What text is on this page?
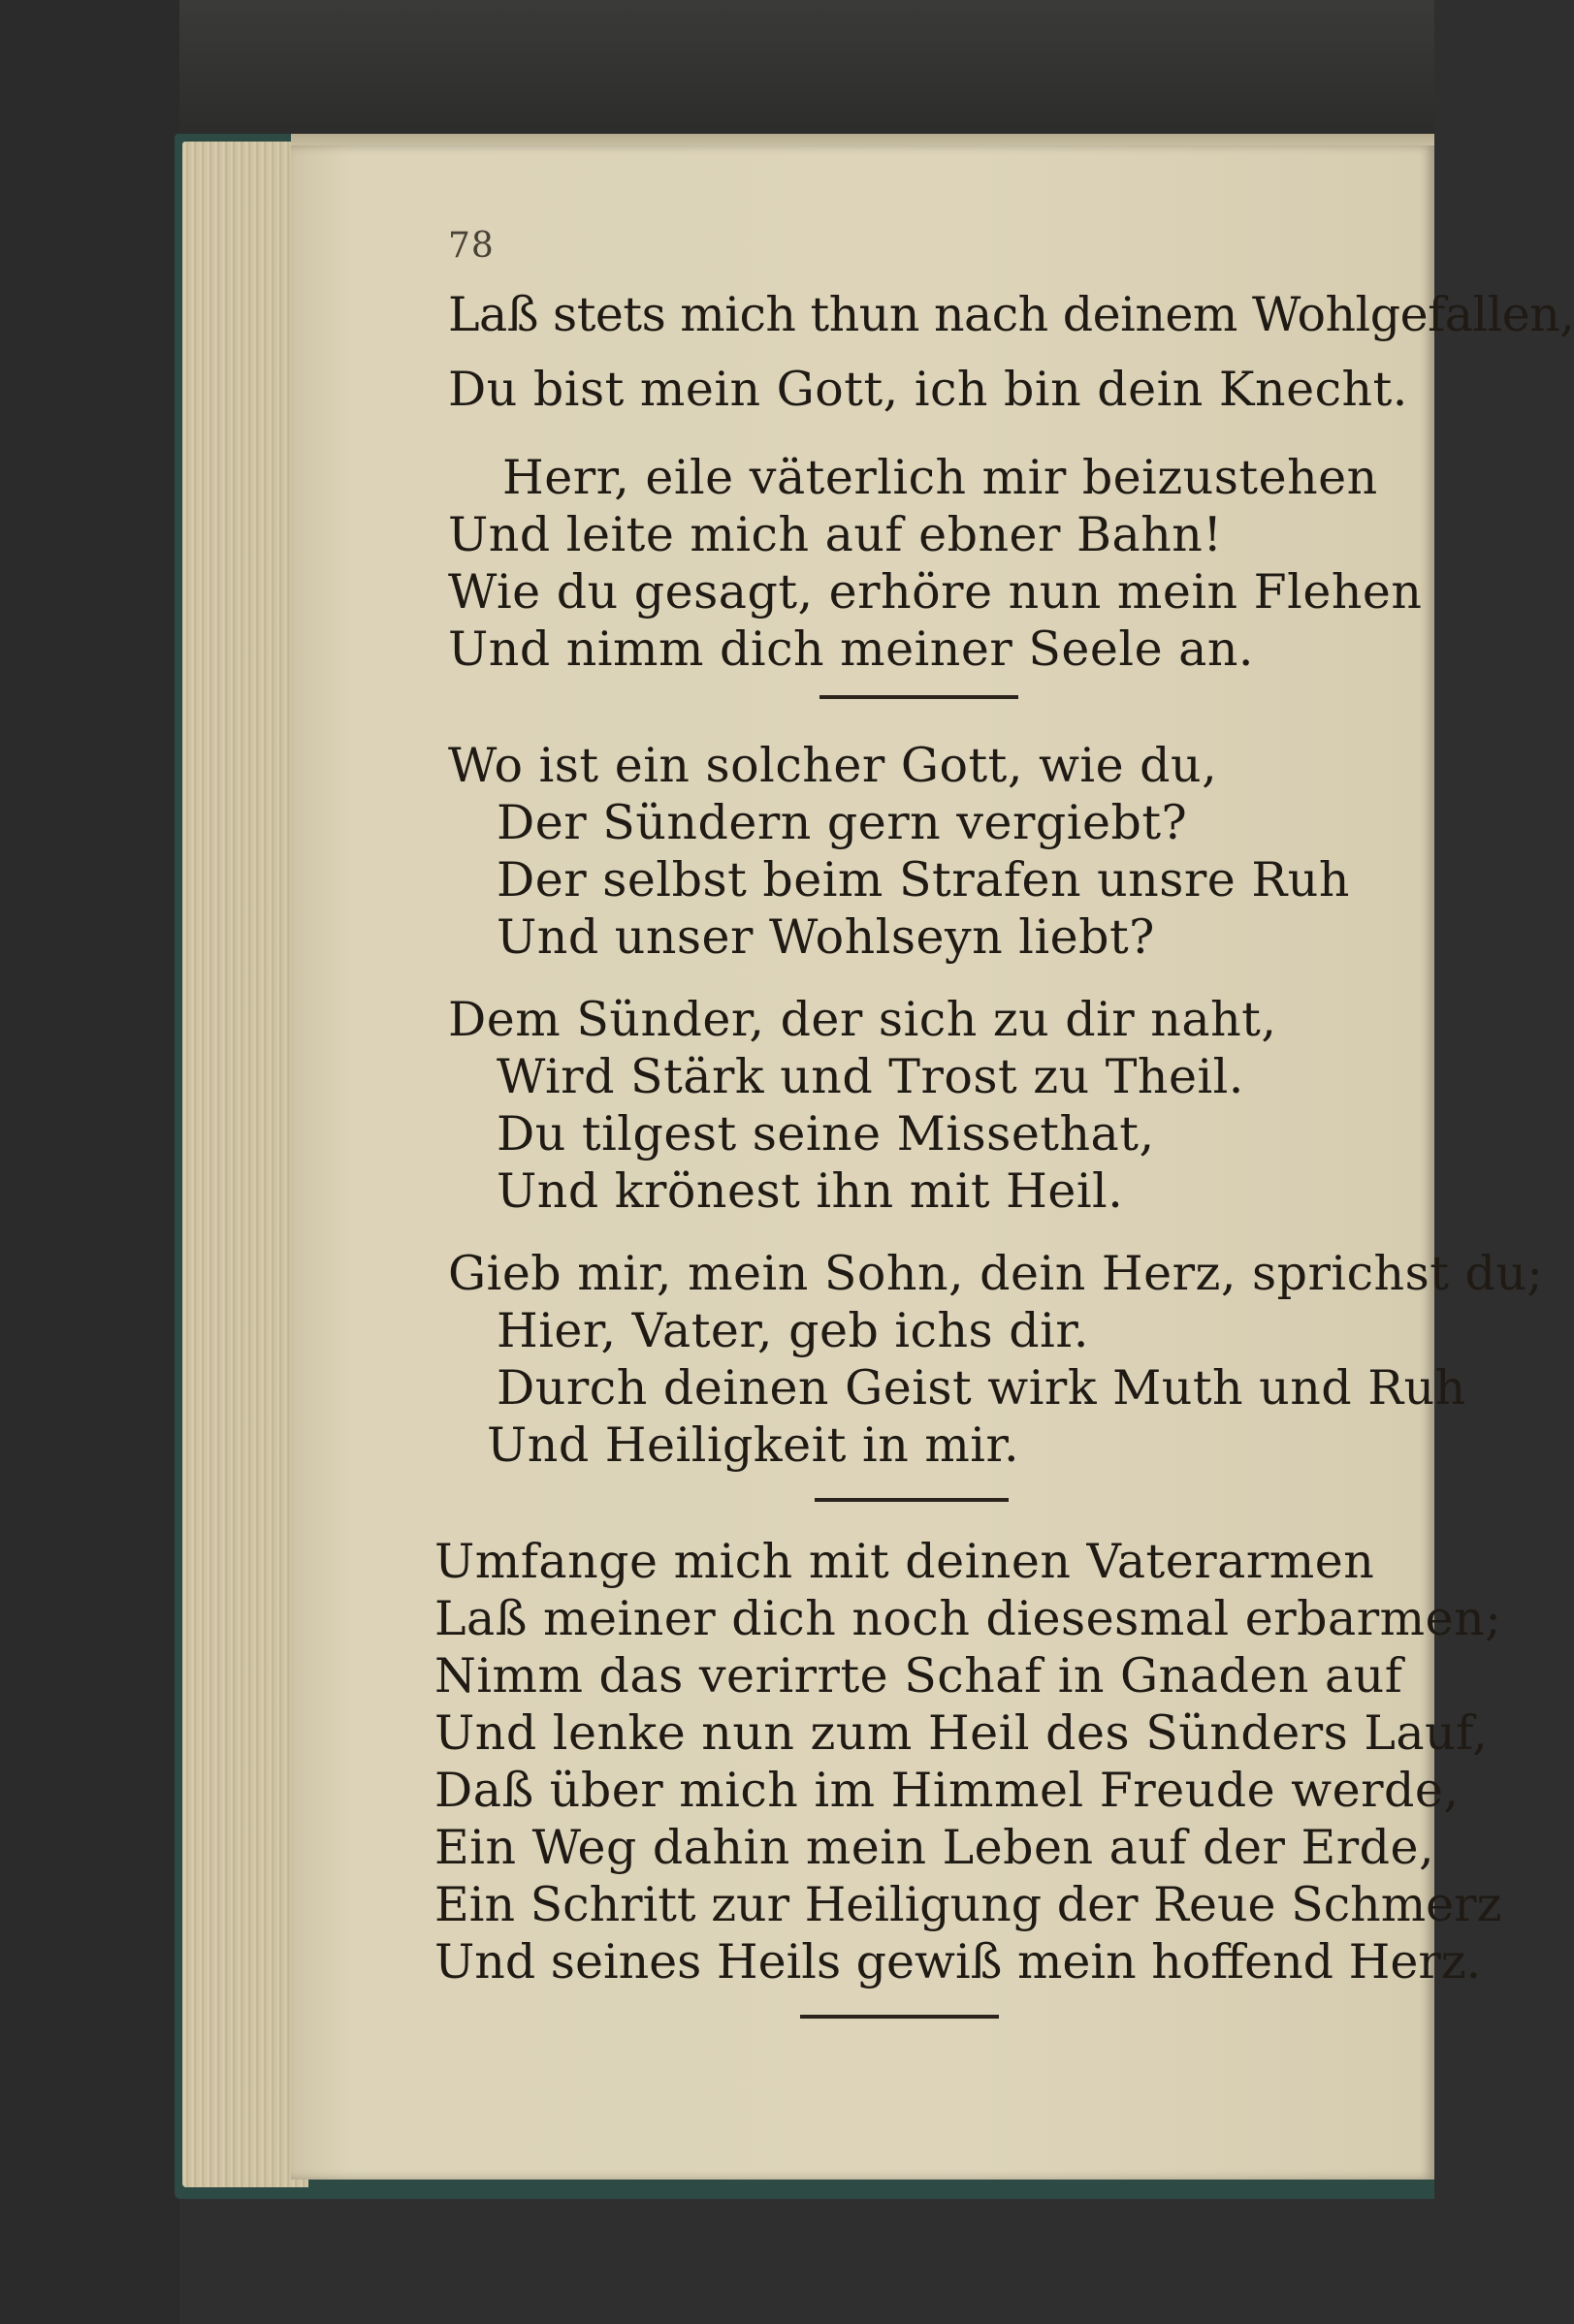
78
Laß stets mich thun nach deinem Wohlgefallen,
Du bist mein Gott, ich bin dein Knecht.
Herr, eile väterlich mir beizustehen
Und leite mich auf ebner Bahn!
Wie du gesagt, erhöre nun mein Flehen
Und nimm dich meiner Seele an.
Wo ist ein solcher Gott, wie du,
Der Sündern gern vergiebt?
Der selbst beim Strafen unsre Ruh
Und unser Wohlseyn liebt?
Dem Sünder, der sich zu dir naht,
Wird Stärk und Trost zu Theil.
Du tilgest seine Missethat,
Und krönest ihn mit Heil.
Gieb mir, mein Sohn, dein Herz, sprichst du;
Hier, Vater, geb ichs dir.
Durch deinen Geist wirk Muth und Ruh
Und Heiligkeit in mir.
Umfange mich mit deinen Vaterarmen
Laß meiner dich noch diesesmal erbarmen;
Nimm das verirrte Schaf in Gnaden auf
Und lenke nun zum Heil des Sünders Lauf,
Daß über mich im Himmel Freude werde,
Ein Weg dahin mein Leben auf der Erde,
Ein Schritt zur Heiligung der Reue Schmerz
Und seines Heils gewiß mein hoffend Herz.
